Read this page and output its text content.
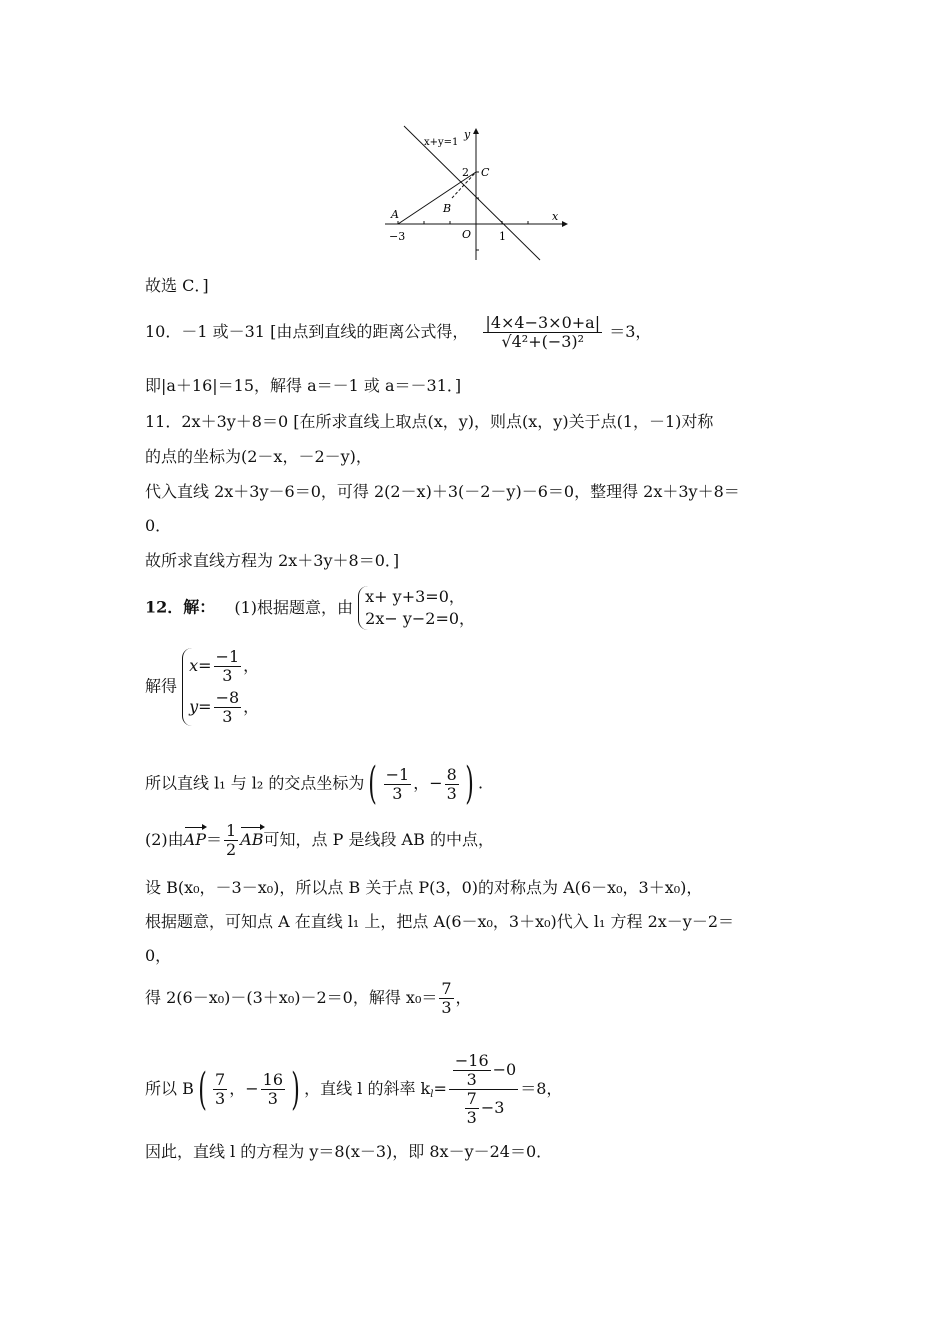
x+y=1
y
x
2 C
B
A
−3	O	1
故选 C．]
10．－1 或－31 [由点到直线的距离公式得， $\frac{|4\times 4-3\times 0+a|}{\text{√4²+(−3)²}} =3$，
即|a＋16|＝15，解得 a＝－1 或 a＝－31．]
11．2x＋3y＋8＝0 [在所求直线上取点(x，y)，则点(x，y)关于点(1，－1)对称
的点的坐标为(2－x，－2－y)，
代入直线 2x＋3y－6＝0，可得 2(2－x)＋3(－2－y)－6＝0，整理得 2x＋3y＋8＝
0．
故所求直线方程为 2x＋3y＋8＝0．]
12．解： (1)根据题意，由
x+ y+3=0，
2x− y−2=0，
解得
$x= \frac{-1}{3}$ ，
$y= \frac{-8}{3}$ ，
所以直线 l₁ 与 l₂ 的交点坐标为( $\frac{-1}{3}$ ，− $\frac{8}{3}$ ) .
(2)由$AP= \frac{1}{2}$ AB可知，点 P 是线段 AB 的中点，
设 B(x₀，－3－x₀)，所以点 B 关于点 P(3，0)的对称点为 A(6－x₀，3＋x₀)，
根据题意，可知点 A 在直线 l₁ 上，把点 A(6－x₀，3＋x₀)代入 l₁ 方程 2x－y－2＝
0，
得 2(6－x₀)－(3＋x₀)－2＝0，解得 $x_0= \frac{7}{3}$ ，
所以 $B( \frac{7}{3}$ ，− $\frac{16}{3}$ ) ，直线 l 的斜率 $k_l= \frac{\frac{-16}{3} -0}{\frac{7}{3} -3} =8$，
因此，直线 l 的方程为 y＝8(x－3)，即 8x－y－24＝0．
